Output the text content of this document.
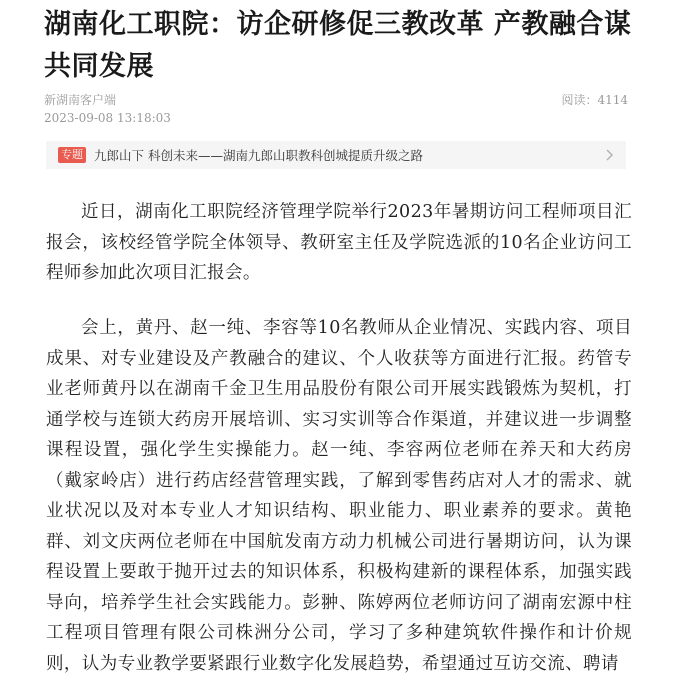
湖南化工职院：访企研修促三教改革 产教融合谋共同发展
新湖南客户端
2023-09-08 13:18:03
阅读：4114
专题 九郎山下 科创未来——湖南九郎山职教科创城提质升级之路

近日，湖南化工职院经济管理学院举行2023年暑期访问工程师项目汇报会，该校经管学院全体领导、教研室主任及学院选派的10名企业访问工程师参加此次项目汇报会。

会上，黄丹、赵一纯、李容等10名教师从企业情况、实践内容、项目成果、对专业建设及产教融合的建议、个人收获等方面进行汇报。药管专业老师黄丹以在湖南千金卫生用品股份有限公司开展实践锻炼为契机，打通学校与连锁大药房开展培训、实习实训等合作渠道，并建议进一步调整课程设置，强化学生实操能力。赵一纯、李容两位老师在养天和大药房（戴家岭店）进行药店经营管理实践，了解到零售药店对人才的需求、就业状况以及对本专业人才知识结构、职业能力、职业素养的要求。黄艳群、刘文庆两位老师在中国航发南方动力机械公司进行暑期访问，认为课程设置上要敢于抛开过去的知识体系，积极构建新的课程体系，加强实践导向，培养学生社会实践能力。彭翀、陈婷两位老师访问了湖南宏源中柱工程项目管理有限公司株洲分公司，学习了多种建筑软件操作和计价规则，认为专业教学要紧跟行业数字化发展趋势，希望通过互访交流、聘请
